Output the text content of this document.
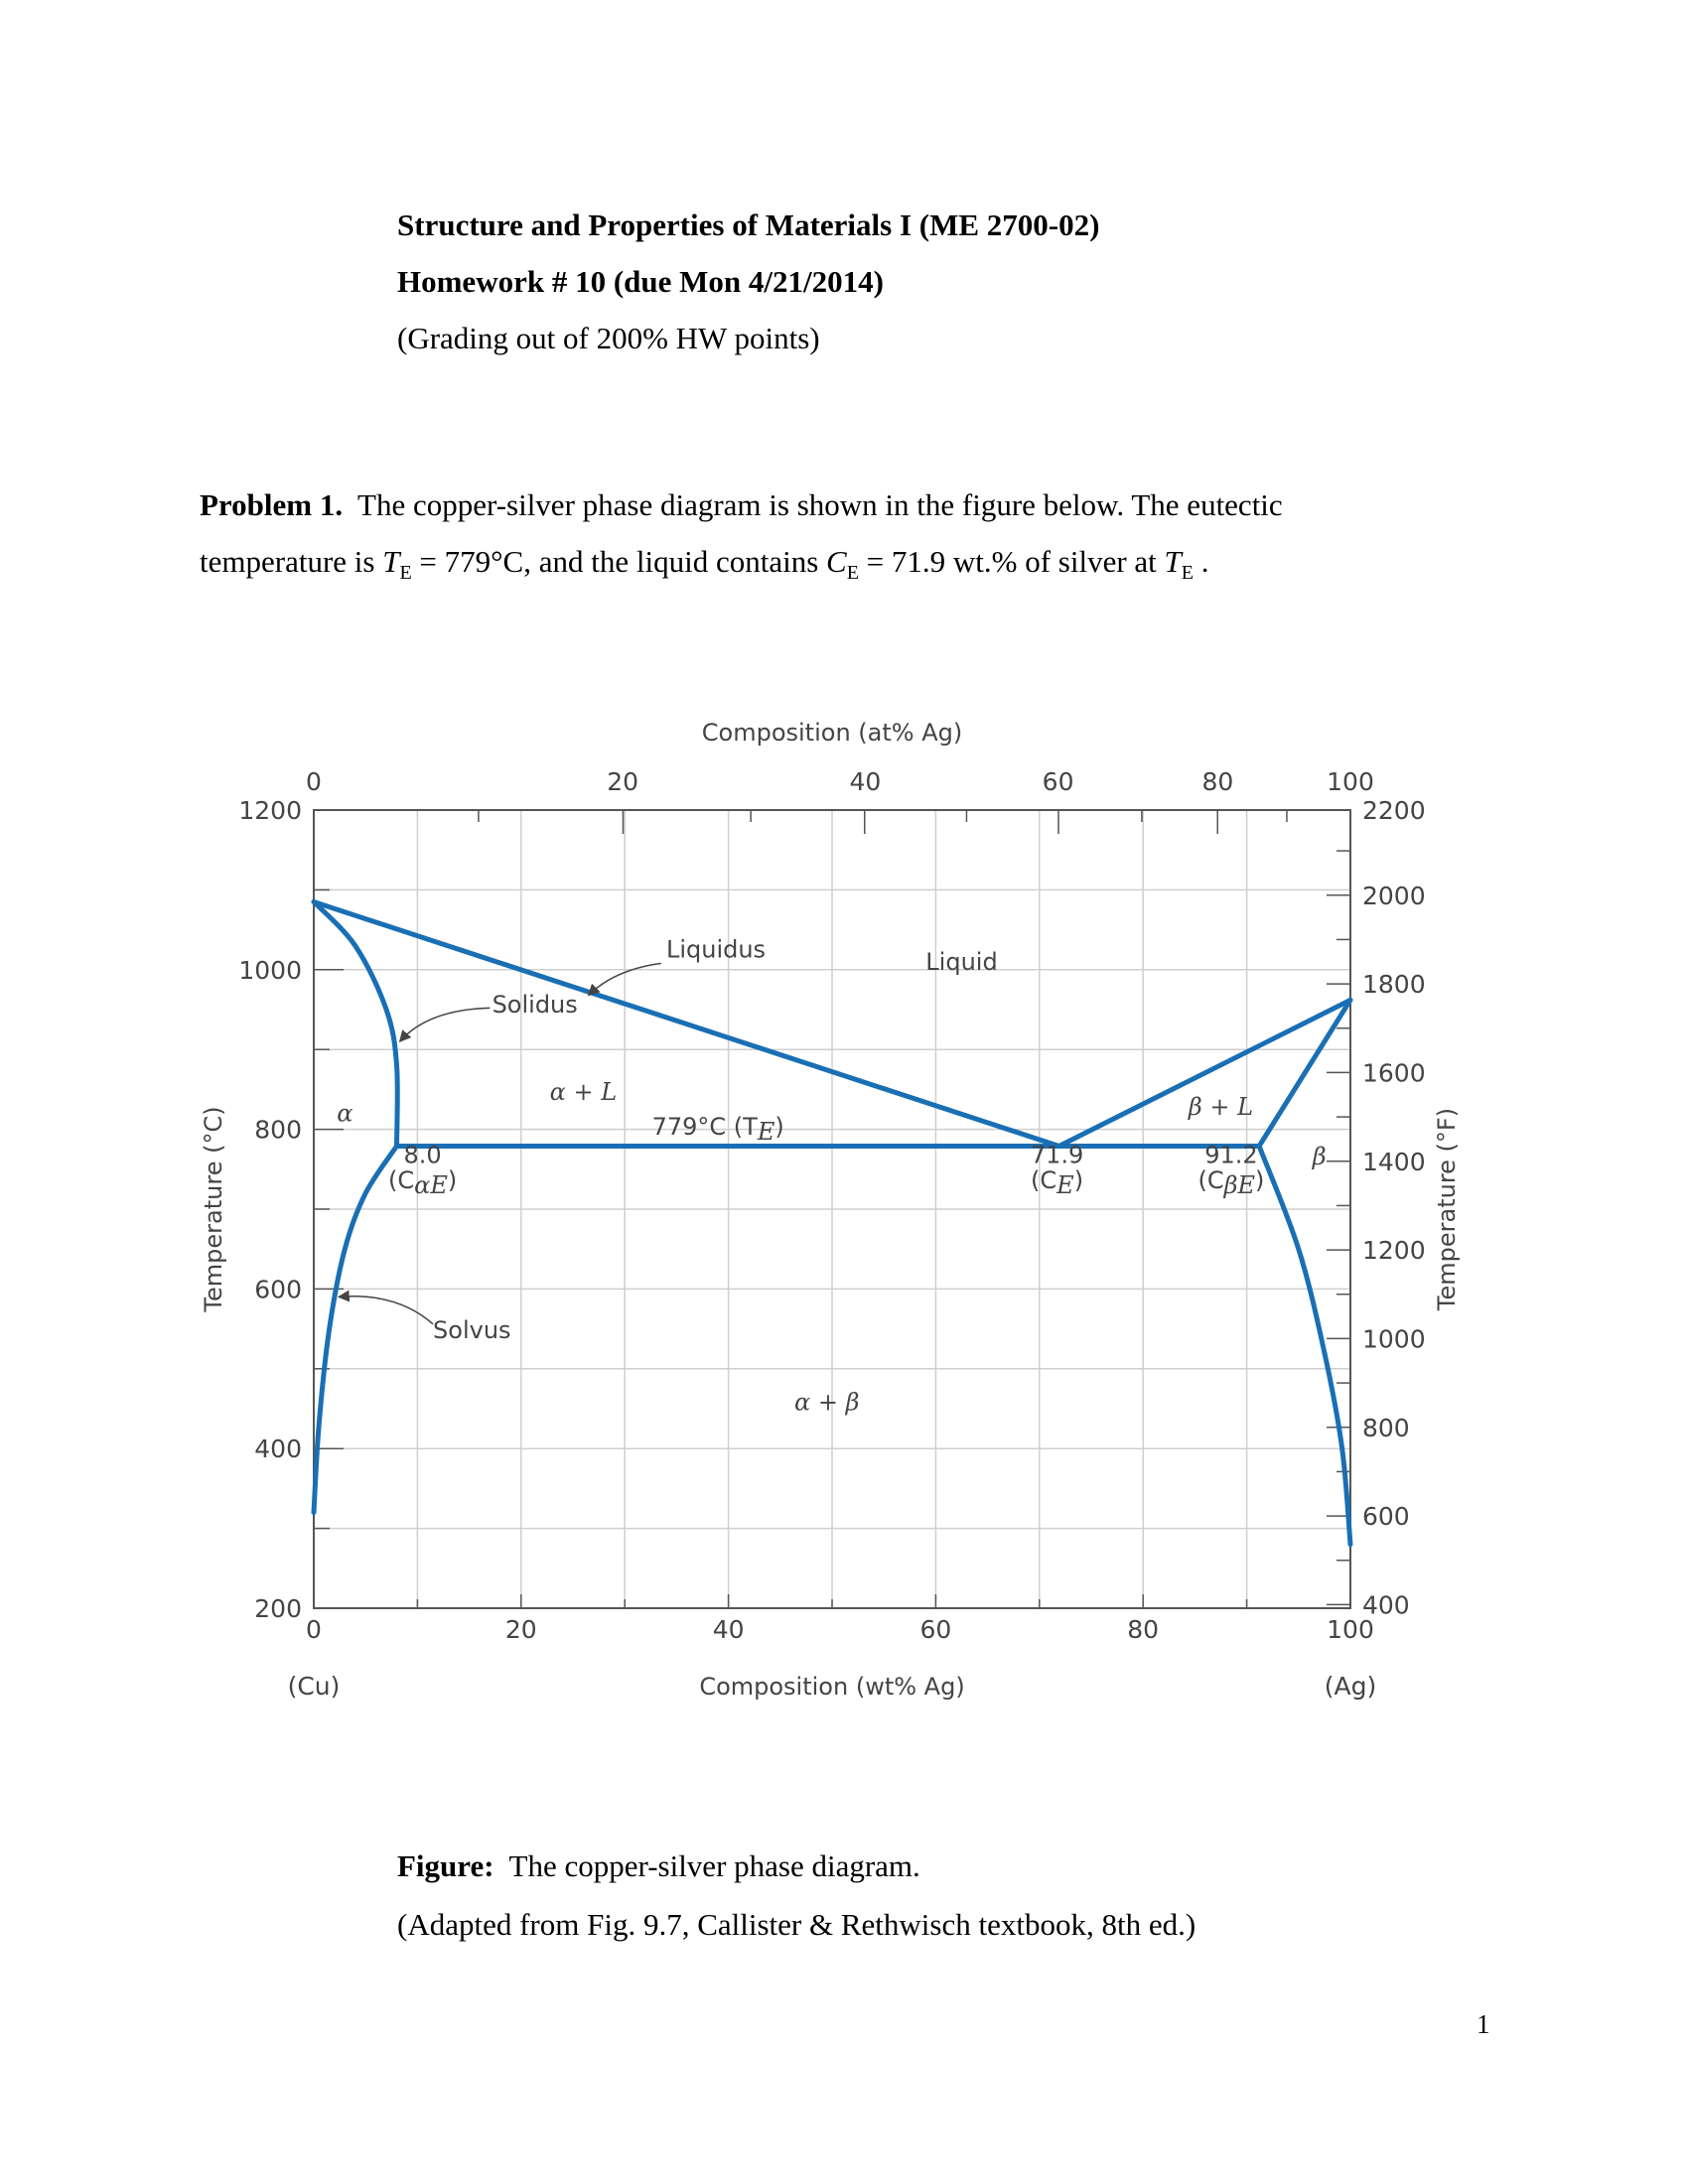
Structure and Properties of Materials I (ME 2700-02)
Homework # 10 (due Mon 4/21/2014)
(Grading out of 200% HW points)
Problem 1. The copper-silver phase diagram is shown in the figure below. The eutectic
temperature is $T_E = 779^\circ C$, and the liquid contains $C_E = 71.9$ wt.% of silver at $T_E$ .
Composition (at% Ag)
Composition (wt% Ag)
Temperature (°C)	Temperature (°F)
0	20	40	60	80	100
(Cu)	(Ag)
0	20	40	60	80	100
200
400
600
800
1000
1200
400
600
800
1000
1200
1400
1600
1800
2000
2200
Liquidus
Solidus
Solvus
Liquid
α + L
β + L
α
β
α + β
779°C (TE)
8.0
(CαE)
71.9
(CE)
91.2
(CβE)
Figure: The copper-silver phase diagram.
(Adapted from Fig. 9.7, Callister & Rethwisch textbook, 8th ed.)
1
